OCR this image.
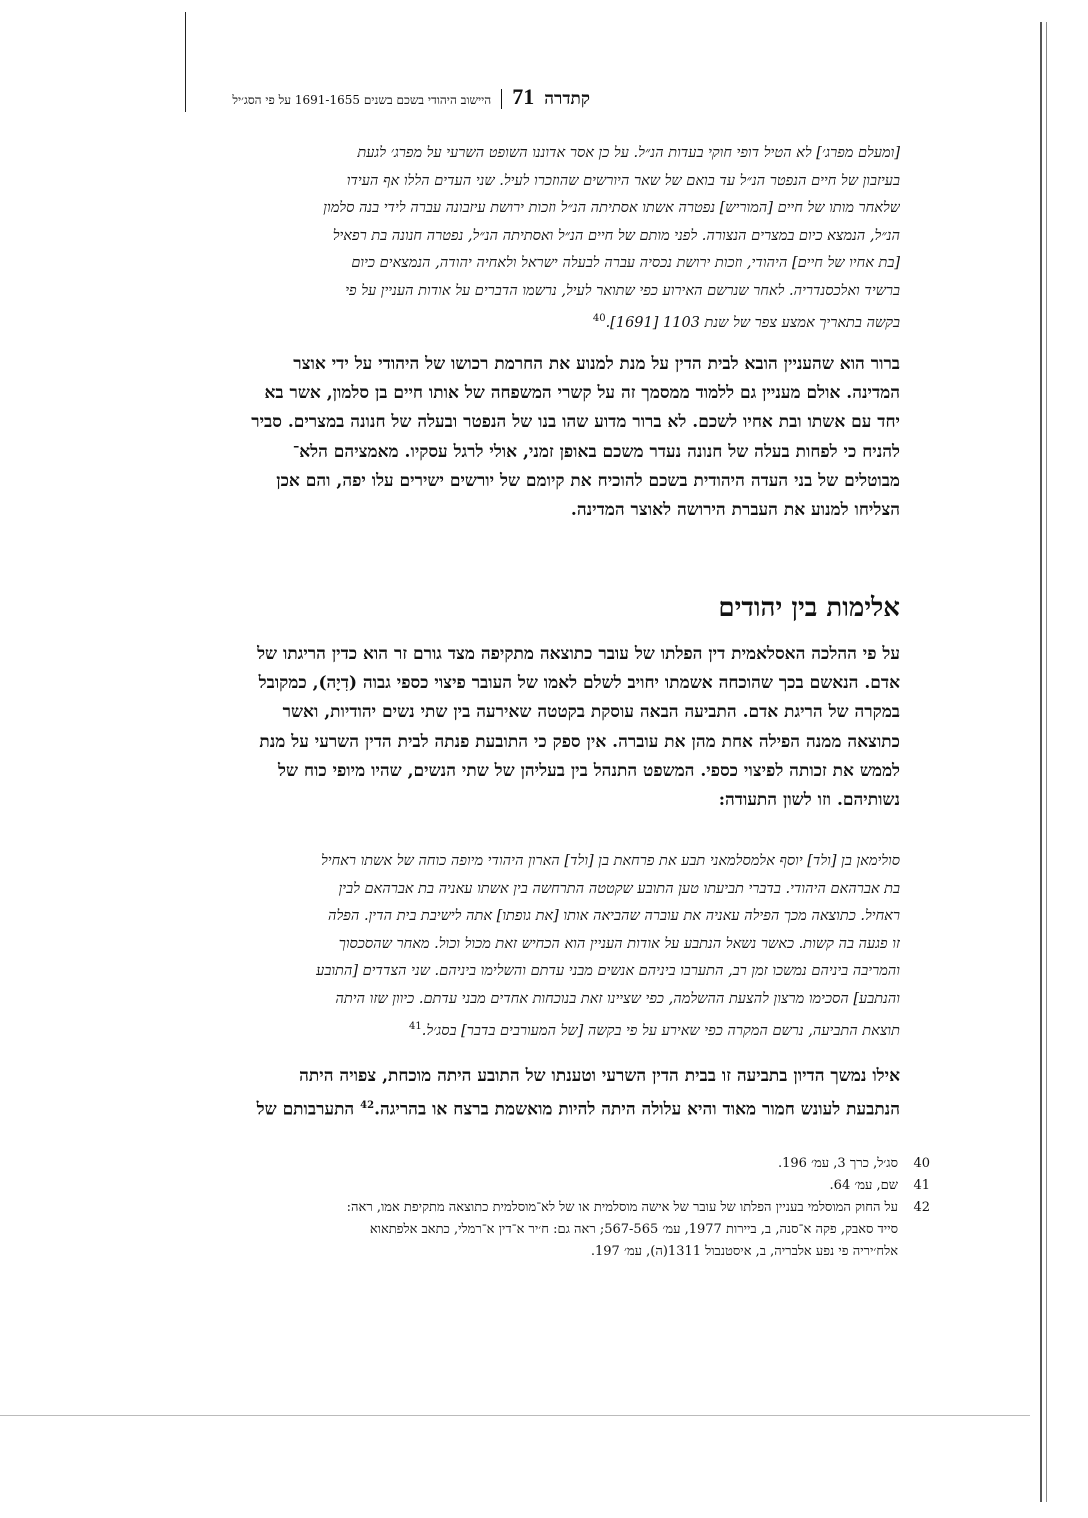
קתדרה
71
היישוב היהודי בשכם בשנים 1691-1655 על פי הסג׳יל
[ומעלם מפרג׳] לא הטיל דופי חוקי בעדות הנ״ל. על כן אסר אדוננו השופט השרעי על מפרג׳ לגעת
בעיזבון של חיים הנפטר הנ״ל עד בואם של שאר היורשים שהוזכרו לעיל. שני העדים הללו אף העידו
שלאחר מותו של חיים [המוריש] נפטרה אשתו אסתיתה הנ״ל וזכות ירושת עיזבונה עברה לידי בנה סלמון
הנ״ל, הנמצא כיום במצרים הנצורה. לפני מותם של חיים הנ״ל ואסתיתה הנ״ל, נפטרה חנונה בת רפאיל
[בת אחיו של חיים] היהודי, וזכות ירושת נכסיה עברה לבעלה ישראל ולאחיה יהודה, הנמצאים כיום
ברשיד ואלכסנדריה. לאחר שנרשם האירוע כפי שתואר לעיל, נרשמו הדברים על אודות העניין על פי
בקשה בתאריך אמצע צפר של שנת 1103 [1691].$^{40}$
ברור הוא שהעניין הובא לבית הדין על מנת למנוע את החרמת רכושו של היהודי על ידי אוצר
המדינה. אולם מעניין גם ללמוד ממסמך זה על קשרי המשפחה של אותו חיים בן סלמון, אשר בא
יחד עם אשתו ובת אחיו לשכם. לא ברור מדוע שהו בנו של הנפטר ובעלה של חנונה במצרים. סביר
להניח כי לפחות בעלה של חנונה נעדר משכם באופן זמני, אולי לרגל עסקיו. מאמציהם הלא־
מבוטלים של בני העדה היהודית בשכם להוכיח את קיומם של יורשים ישירים עלו יפה, והם אכן
הצליחו למנוע את העברת הירושה לאוצר המדינה.
אלימות בין יהודים
על פי ההלכה האסלאמית דין הפלתו של עובר כתוצאה מתקיפה מצד גורם זר הוא כדין הריגתו של
אדם. הנאשם בכך שהוכחה אשמתו יחויב לשלם לאמו של העובר פיצוי כספי גבוה (דִיָה), כמקובל
במקרה של הריגת אדם. התביעה הבאה עוסקת בקטטה שאירעה בין שתי נשים יהודיות, ואשר
כתוצאה ממנה הפילה אחת מהן את עוברה. אין ספק כי התובעת פנתה לבית הדין השרעי על מנת
לממש את זכותה לפיצוי כספי. המשפט התנהל בין בעליהן של שתי הנשים, שהיו מיופי כוח של
נשותיהם. וזו לשון התעודה:
סולימאן בן [ולד] יוסף אלמסלמאני תבע את פרחאת בן [ולד] הארון היהודי מיופה כוחה של אשתו ראחיל
בת אברהאם היהודי. בדברי תביעתו טען התובע שקטטה התרחשה בין אשתו עאניה בת אברהאם לבין
ראחיל. כתוצאה מכך הפילה עאניה את עוברה שהביאה אותו [את גופתו] אתה לישיבת בית הדין. הפלה
זו פגעה בה קשות. כאשר נשאל הנתבע על אודות העניין הוא הכחיש זאת מכול וכול. מאחר שהסכסוך
והמריבה ביניהם נמשכו זמן רב, התערבו ביניהם אנשים מבני עדתם והשלימו ביניהם. שני הצדדים [התובע
והנתבע] הסכימו מרצון להצעת ההשלמה, כפי שציינו זאת בנוכחות אחדים מבני עדתם. כיוון שזו היתה
תוצאת התביעה, נרשם המקרה כפי שאירע על פי בקשה [של המעורבים בדבר] בסג׳ל.$^{41}$
אילו נמשך הדיון בתביעה זו בבית הדין השרעי וטענתו של התובע היתה מוכחת, צפויה היתה
הנתבעת לעונש חמור מאוד והיא עלולה היתה להיות מואשמת ברצח או בהריגה.$^{42}$ התערבותם של
40
סג׳ל, כרך 3, עמ׳ 196.
41
שם, עמ׳ 64.
42
על החוק המוסלמי בעניין הפלתו של עובר של אישה מוסלמית או של לא־מוסלמית כתוצאה מתקיפת אמו, ראה:
סייד סאבק, פקה א־סנה, ב, ביירות 1977, עמ׳ 567-565; ראה גם: ח׳יר א־דין א־רמלי, כתאב אלפתאוא
אלח׳יריה פי נפע אלבריה, ב, איסטנבול 1311(ה), עמ׳ 197.
